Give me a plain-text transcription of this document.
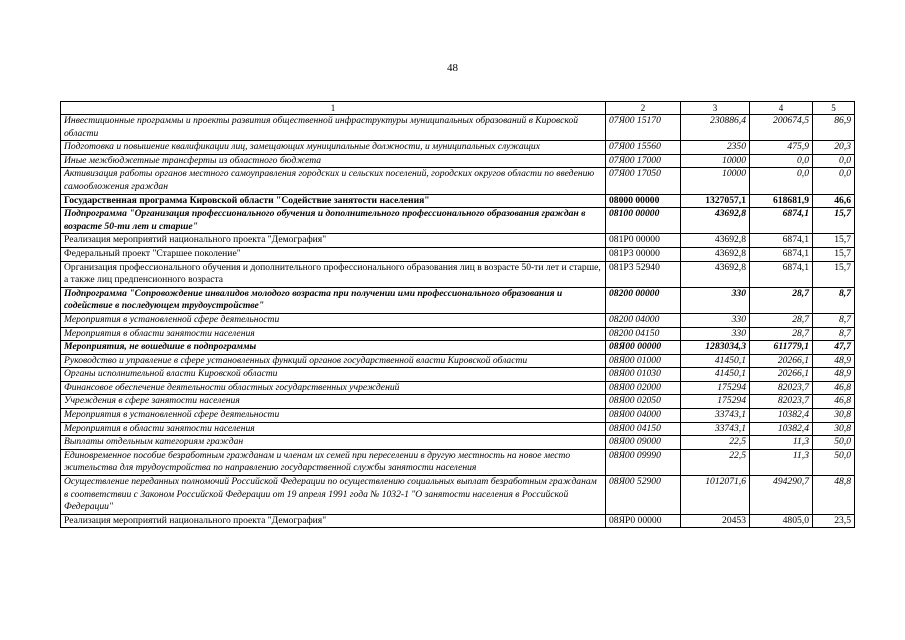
48
1	2	3	4	5
Инвестиционные программы и проекты развития общественной инфраструктуры муниципальных образований в Кировской области	07Я00 15170	230886,4	200674,5	86,9
Подготовка и повышение квалификации лиц, замещающих муниципальные должности, и муниципальных служащих	07Я00 15560	2350	475,9	20,3
Иные межбюджетные трансферты из областного бюджета	07Я00 17000	10000	0,0	0,0
Активизация работы органов местного самоуправления городских и сельских поселений, городских округов области по введению самообложения граждан	07Я00 17050	10000	0,0	0,0
Государственная программа Кировской области "Содействие занятости населения"	08000 00000	1327057,1	618681,9	46,6
Подпрограмма "Организация профессионального обучения и дополнительного профессионального образования граждан в возрасте 50-ти лет и старше"	08100 00000	43692,8	6874,1	15,7
Реализация мероприятий национального проекта "Демография"	081P0 00000	43692,8	6874,1	15,7
Федеральный проект "Старшее поколение"	081P3 00000	43692,8	6874,1	15,7
Организация профессионального обучения и дополнительного профессионального образования лиц в возрасте 50-ти лет и старше, а также лиц предпенсионного возраста	081P3 52940	43692,8	6874,1	15,7
Подпрограмма "Сопровождение инвалидов молодого возраста при получении ими профессионального образования и содействие в последующем трудоустройстве"	08200 00000	330	28,7	8,7
Мероприятия в установленной сфере деятельности	08200 04000	330	28,7	8,7
Мероприятия в области занятости населения	08200 04150	330	28,7	8,7
Мероприятия, не вошедшие в подпрограммы	08Я00 00000	1283034,3	611779,1	47,7
Руководство и управление в сфере установленных функций органов государственной власти Кировской области	08Я00 01000	41450,1	20266,1	48,9
Органы исполнительной власти Кировской области	08Я00 01030	41450,1	20266,1	48,9
Финансовое обеспечение деятельности областных государственных учреждений	08Я00 02000	175294	82023,7	46,8
Учреждения в сфере занятости населения	08Я00 02050	175294	82023,7	46,8
Мероприятия в установленной сфере деятельности	08Я00 04000	33743,1	10382,4	30,8
Мероприятия в области занятости населения	08Я00 04150	33743,1	10382,4	30,8
Выплаты отдельным категориям граждан	08Я00 09000	22,5	11,3	50,0
Единовременное пособие безработным гражданам и членам их семей при переселении в другую местность на новое место жительства для трудоустройства по направлению государственной службы занятости населения	08Я00 09990	22,5	11,3	50,0
Осуществление переданных полномочий Российской Федерации по осуществлению социальных выплат безработным гражданам в соответствии с Законом Российской Федерации от 19 апреля 1991 года № 1032-1 "О занятости населения в Российской Федерации"	08Я00 52900	1012071,6	494290,7	48,8
Реализация мероприятий национального проекта "Демография"	08ЯP0 00000	20453	4805,0	23,5
